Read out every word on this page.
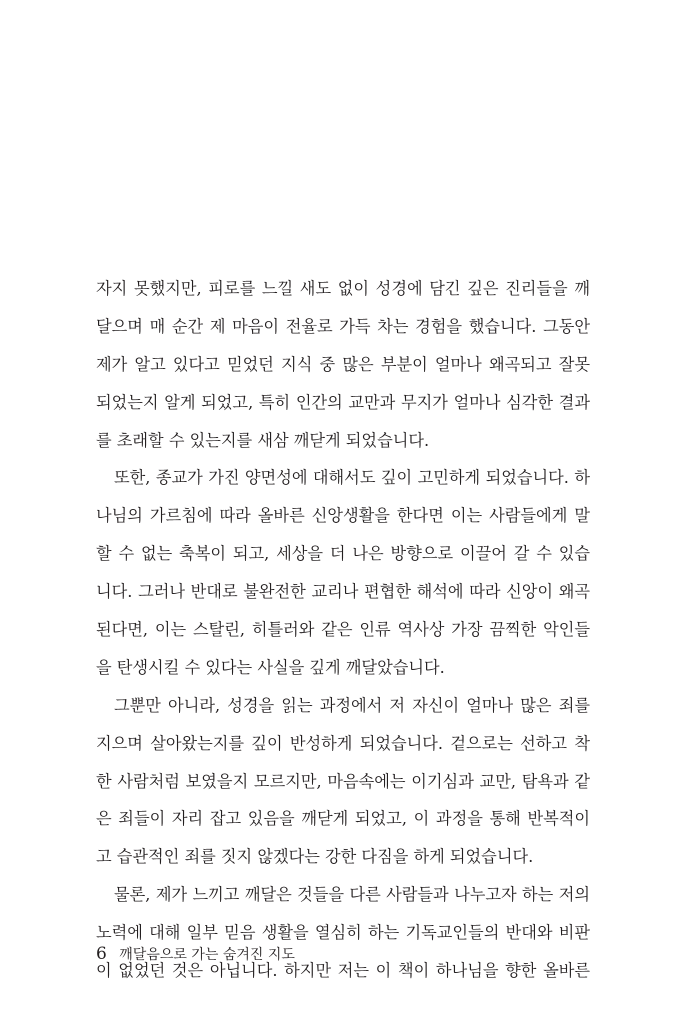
자지 못했지만, 피로를 느낄 새도 없이 성경에 담긴 깊은 진리들을 깨
달으며 매 순간 제 마음이 전율로 가득 차는 경험을 했습니다. 그동안
제가 알고 있다고 믿었던 지식 중 많은 부분이 얼마나 왜곡되고 잘못
되었는지 알게 되었고, 특히 인간의 교만과 무지가 얼마나 심각한 결과
를 초래할 수 있는지를 새삼 깨닫게 되었습니다.
또한, 종교가 가진 양면성에 대해서도 깊이 고민하게 되었습니다. 하
나님의 가르침에 따라 올바른 신앙생활을 한다면 이는 사람들에게 말
할 수 없는 축복이 되고, 세상을 더 나은 방향으로 이끌어 갈 수 있습
니다. 그러나 반대로 불완전한 교리나 편협한 해석에 따라 신앙이 왜곡
된다면, 이는 스탈린, 히틀러와 같은 인류 역사상 가장 끔찍한 악인들
을 탄생시킬 수 있다는 사실을 깊게 깨달았습니다.
그뿐만 아니라, 성경을 읽는 과정에서 저 자신이 얼마나 많은 죄를
지으며 살아왔는지를 깊이 반성하게 되었습니다. 겉으로는 선하고 착
한 사람처럼 보였을지 모르지만, 마음속에는 이기심과 교만, 탐욕과 같
은 죄들이 자리 잡고 있음을 깨닫게 되었고, 이 과정을 통해 반복적이
고 습관적인 죄를 짓지 않겠다는 강한 다짐을 하게 되었습니다.
물론, 제가 느끼고 깨달은 것들을 다른 사람들과 나누고자 하는 저의
노력에 대해 일부 믿음 생활을 열심히 하는 기독교인들의 반대와 비판
이 없었던 것은 아닙니다. 하지만 저는 이 책이 하나님을 향한 올바른
6 깨달음으로 가는 숨겨진 지도
